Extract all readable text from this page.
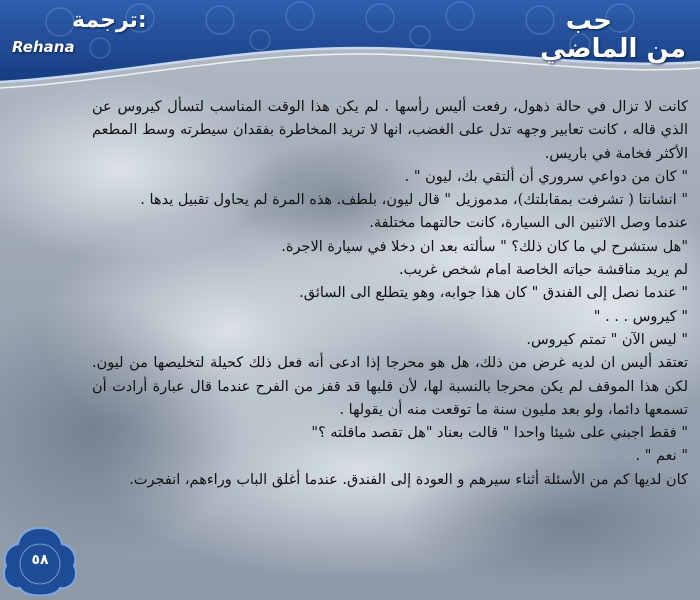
حب
من الماضي
ترجمة:
Rehana
٥٨

كانت لا تزال في حالة ذهول، رفعت أليس رأسها . لم يكن هذا الوقت المناسب لتسأل كيروس عن الذي قاله ، كانت تعابير وجهه تدل على الغضب، انها لا تريد المخاطرة بفقدان سيطرته وسط المطعم الأكثر فخامة في باريس.

" كان من دواعي سروري أن ألتقي بك، ليون " .

" انشانتا ( تشرفت بمقابلتك)، مدموزيل " قال ليون، بلطف. هذه المرة لم يحاول تقبيل يدها .

عندما وصل الاثنين الى السيارة، كانت حالتهما مختلفة.

"هل ستشرح لي ما كان ذلك؟ " سألته بعد ان دخلا في سيارة الاجرة.

لم يريد مناقشة حياته الخاصة امام شخص غريب.

" عندما نصل إلى الفندق " كان هذا جوابه، وهو يتطلع الى السائق.

" كيروس . . . "

" ليس الآن " تمتم كيروس.

تعتقد أليس ان لديه غرض من ذلك، هل هو محرجا إذا ادعى أنه فعل ذلك كحيلة لتخليصها من ليون. لكن هذا الموقف لم يكن محرجا بالنسبة لها، لأن قلبها قد قفز من الفرح عندما قال عبارة أرادت أن تسمعها دائما، ولو بعد مليون سنة ما توقعت منه أن يقولها .

" فقط اجبني على شيئا واحدا " قالت بعناد "هل تقصد ماقلته ؟"

" نعم " .

كان لديها كم من الأسئلة أثناء سيرهم و العودة إلى الفندق. عندما أغلق الباب وراءهم، انفجرت.
